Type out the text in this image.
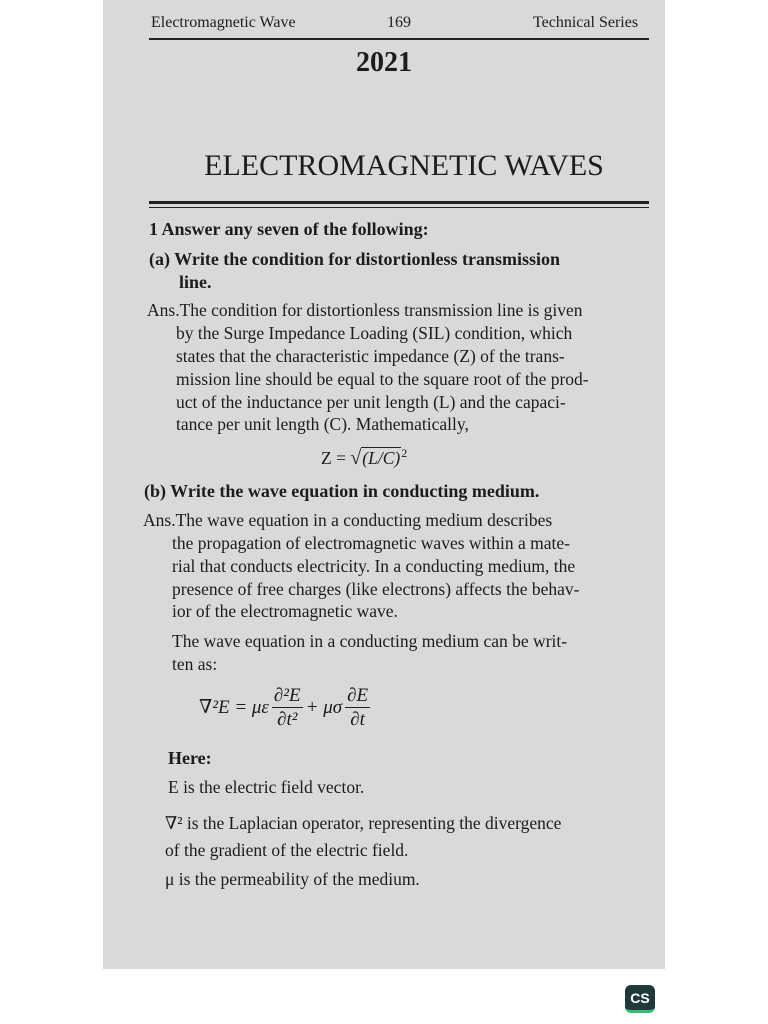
Electromagnetic Wave	169	Technical Series
2021
ELECTROMAGNETIC WAVES
1 Answer any seven of the following:
(a) Write the condition for distortionless transmission
line.
Ans.The condition for distortionless transmission line is given
by the Surge Impedance Loading (SIL) condition, which
states that the characteristic impedance (Z) of the trans-
mission line should be equal to the square root of the prod-
uct of the inductance per unit length (L) and the capaci-
tance per unit length (C). Mathematically,
$Z = √(L/C)^2$
(b) Write the wave equation in conducting medium.
Ans.The wave equation in a conducting medium describes
the propagation of electromagnetic waves within a mate-
rial that conducts electricity. In a conducting medium, the
presence of free charges (like electrons) affects the behav-
ior of the electromagnetic wave.
The wave equation in a conducting medium can be writ-
ten as:
∇²E = με $\frac{\text{∂²E}}{\text{∂t²}} + \mu\sigma \frac{\partial E}{\partial t}$
Here:
E is the electric field vector.
∇² is the Laplacian operator, representing the divergence
of the gradient of the electric field.
μ is the permeability of the medium.
CS
